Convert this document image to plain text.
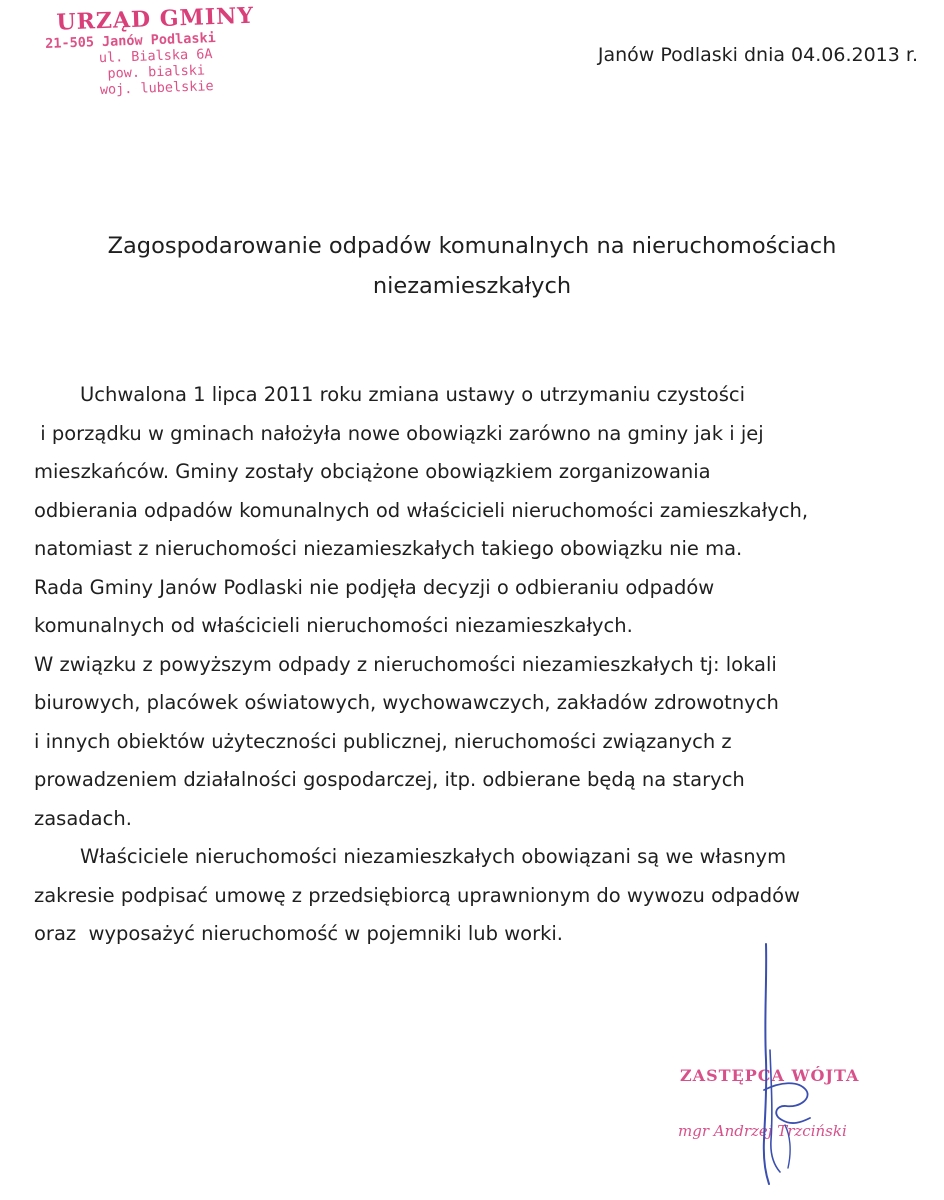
URZĄD GMINY
21-505 Janów Podlaski
ul. Bialska 6A
pow. bialski
woj. lubelskie
Janów Podlaski dnia 04.06.2013 r.
Zagospodarowanie odpadów komunalnych na nieruchomościach
niezamieszkałych

Uchwalona 1 lipca 2011 roku zmiana ustawy o utrzymaniu czystości
i porządku w gminach nałożyła nowe obowiązki zarówno na gminy jak i jej
mieszkańców. Gminy zostały obciążone obowiązkiem zorganizowania
odbierania odpadów komunalnych od właścicieli nieruchomości zamieszkałych,
natomiast z nieruchomości niezamieszkałych takiego obowiązku nie ma.
Rada Gminy Janów Podlaski nie podjęła decyzji o odbieraniu odpadów
komunalnych od właścicieli nieruchomości niezamieszkałych.
W związku z powyższym odpady z nieruchomości niezamieszkałych tj: lokali
biurowych, placówek oświatowych, wychowawczych, zakładów zdrowotnych
i innych obiektów użyteczności publicznej, nieruchomości związanych z
prowadzeniem działalności gospodarczej, itp. odbierane będą na starych
zasadach.

Właściciele nieruchomości niezamieszkałych obowiązani są we własnym
zakresie podpisać umowę z przedsiębiorcą uprawnionym do wywozu odpadów
oraz  wyposażyć nieruchomość w pojemniki lub worki.

ZASTĘPCA WÓJTA
mgr Andrzej Trzciński
